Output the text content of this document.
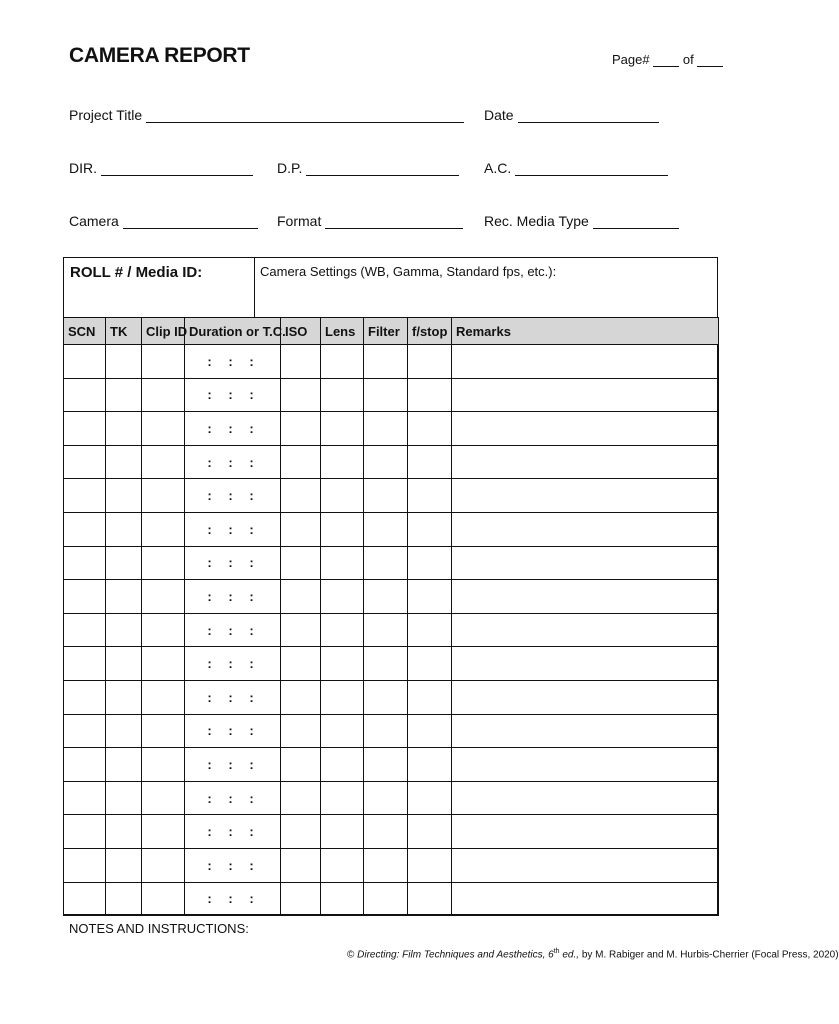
CAMERA REPORT	Page#	of
Project Title	Date
DIR.	D.P.	A.C.
Camera	Format	Rec. Media Type
ROLL # / Media ID:	Camera Settings (WB, Gamma, Standard fps, etc.):
SCN	TK	Clip ID	Duration or T.C.	ISO	Lens	Filter	f/stop	Remarks
			: : :					
			: : :					
			: : :					
			: : :					
			: : :					
			: : :					
			: : :					
			: : :					
			: : :					
			: : :					
			: : :					
			: : :					
			: : :					
			: : :					
			: : :					
			: : :					
			: : :					
NOTES AND INSTRUCTIONS:
© Directing: Film Techniques and Aesthetics, 6th ed., by M. Rabiger and M. Hurbis-Cherrier (Focal Press, 2020)
